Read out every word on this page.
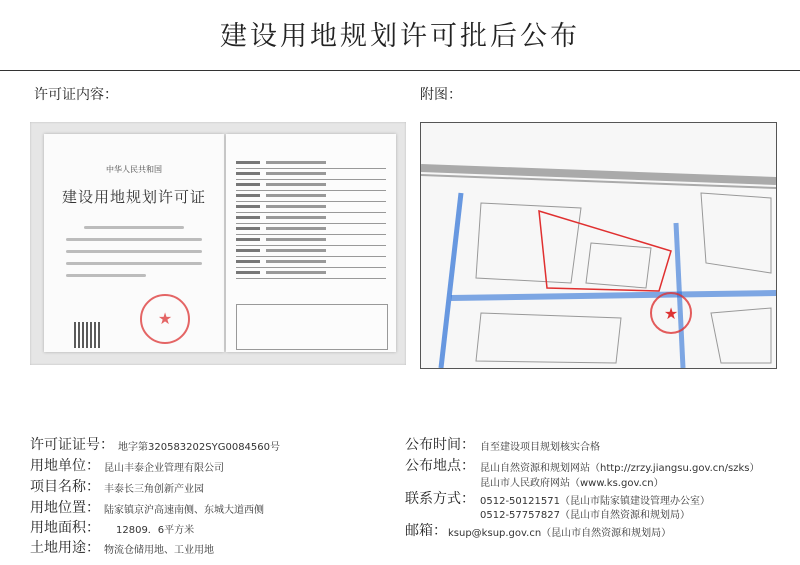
建设用地规划许可批后公布
许可证内容：	附图：
中华人民共和国
建设用地规划许可证
★	★
许可证证号： 地字第320583202SYG0084560号
用地单位： 昆山丰泰企业管理有限公司
项目名称： 丰泰长三角创新产业园
用地位置： 陆家镇京沪高速南侧、东城大道西侧
用地面积： 12809．6平方米
土地用途： 物流仓储用地、工业用地
公布时间： 自至建设项目规划核实合格
公布地点： 昆山自然资源和规划网站（http://zrzy.jiangsu.gov.cn/szks）
昆山市人民政府网站（www.ks.gov.cn）
联系方式： 0512-50121571（昆山市陆家镇建设管理办公室）
0512-57757827（昆山市自然资源和规划局）
邮箱： ksup@ksup.gov.cn（昆山市自然资源和规划局）
